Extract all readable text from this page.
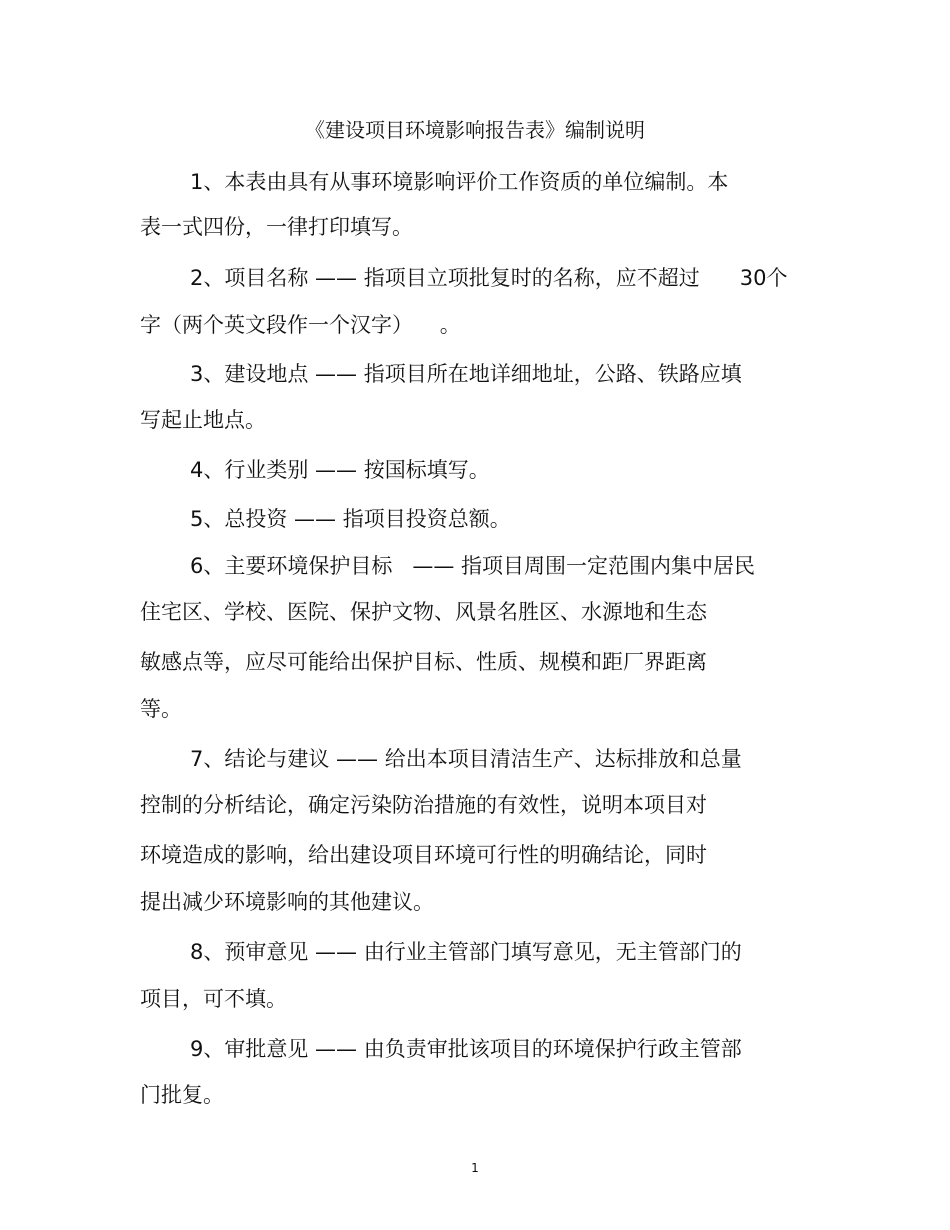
《建设项目环境影响报告表》编制说明
1、本表由具有从事环境影响评价工作资质的单位编制。本
表一式四份，一律打印填写。
2、项目名称 —— 指项目立项批复时的名称，应不超过      30个
字（两个英文段作一个汉字）    。
3、建设地点 —— 指项目所在地详细地址，公路、铁路应填
写起止地点。
4、行业类别 —— 按国标填写。
5、总投资 —— 指项目投资总额。
6、主要环境保护目标   —— 指项目周围一定范围内集中居民
住宅区、学校、医院、保护文物、风景名胜区、水源地和生态
敏感点等，应尽可能给出保护目标、性质、规模和距厂界距离
等。
7、结论与建议 —— 给出本项目清洁生产、达标排放和总量
控制的分析结论，确定污染防治措施的有效性，说明本项目对
环境造成的影响，给出建设项目环境可行性的明确结论，同时
提出减少环境影响的其他建议。
8、预审意见 —— 由行业主管部门填写意见，无主管部门的
项目，可不填。
9、审批意见 —— 由负责审批该项目的环境保护行政主管部
门批复。
1
